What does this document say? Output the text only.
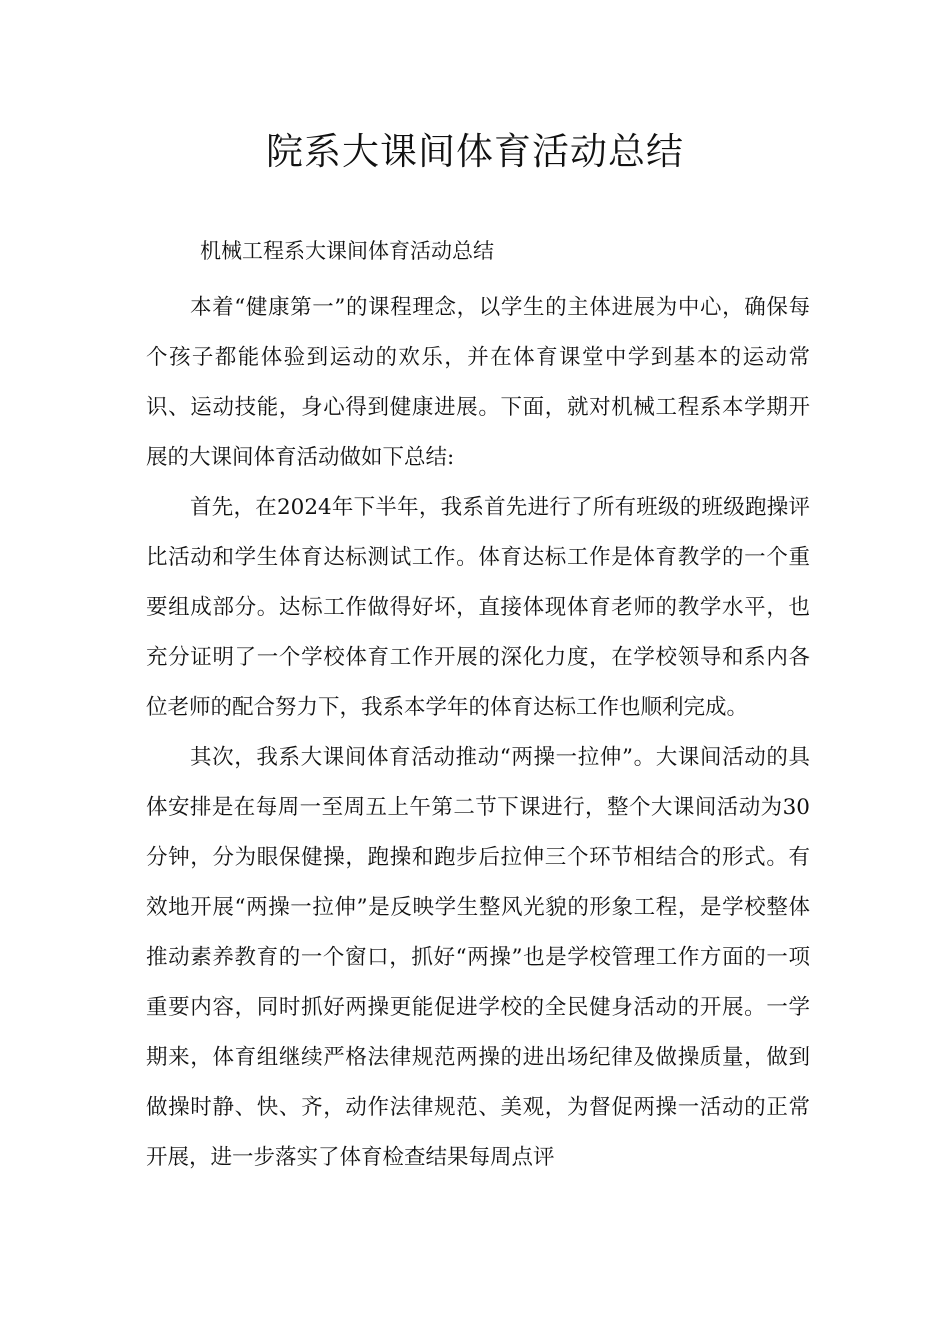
院系大课间体育活动总结

机械工程系大课间体育活动总结

本着“健康第一”的课程理念，以学生的主体进展为中心，确保每个孩子都能体验到运动的欢乐，并在体育课堂中学到基本的运动常识、运动技能，身心得到健康进展。下面，就对机械工程系本学期开展的大课间体育活动做如下总结:

首先，在2024年下半年，我系首先进行了所有班级的班级跑操评比活动和学生体育达标测试工作。体育达标工作是体育教学的一个重要组成部分。达标工作做得好坏，直接体现体育老师的教学水平，也充分证明了一个学校体育工作开展的深化力度，在学校领导和系内各位老师的配合努力下，我系本学年的体育达标工作也顺利完成。

其次，我系大课间体育活动推动“两操一拉伸”。大课间活动的具体安排是在每周一至周五上午第二节下课进行，整个大课间活动为30分钟，分为眼保健操，跑操和跑步后拉伸三个环节相结合的形式。有效地开展“两操一拉伸”是反映学生整风光貌的形象工程，是学校整体推动素养教育的一个窗口，抓好“两操”也是学校管理工作方面的一项重要内容，同时抓好两操更能促进学校的全民健身活动的开展。一学期来，体育组继续严格法律规范两操的进出场纪律及做操质量，做到做操时静、快、齐，动作法律规范、美观，为督促两操一活动的正常开展，进一步落实了体育检查结果每周点评
